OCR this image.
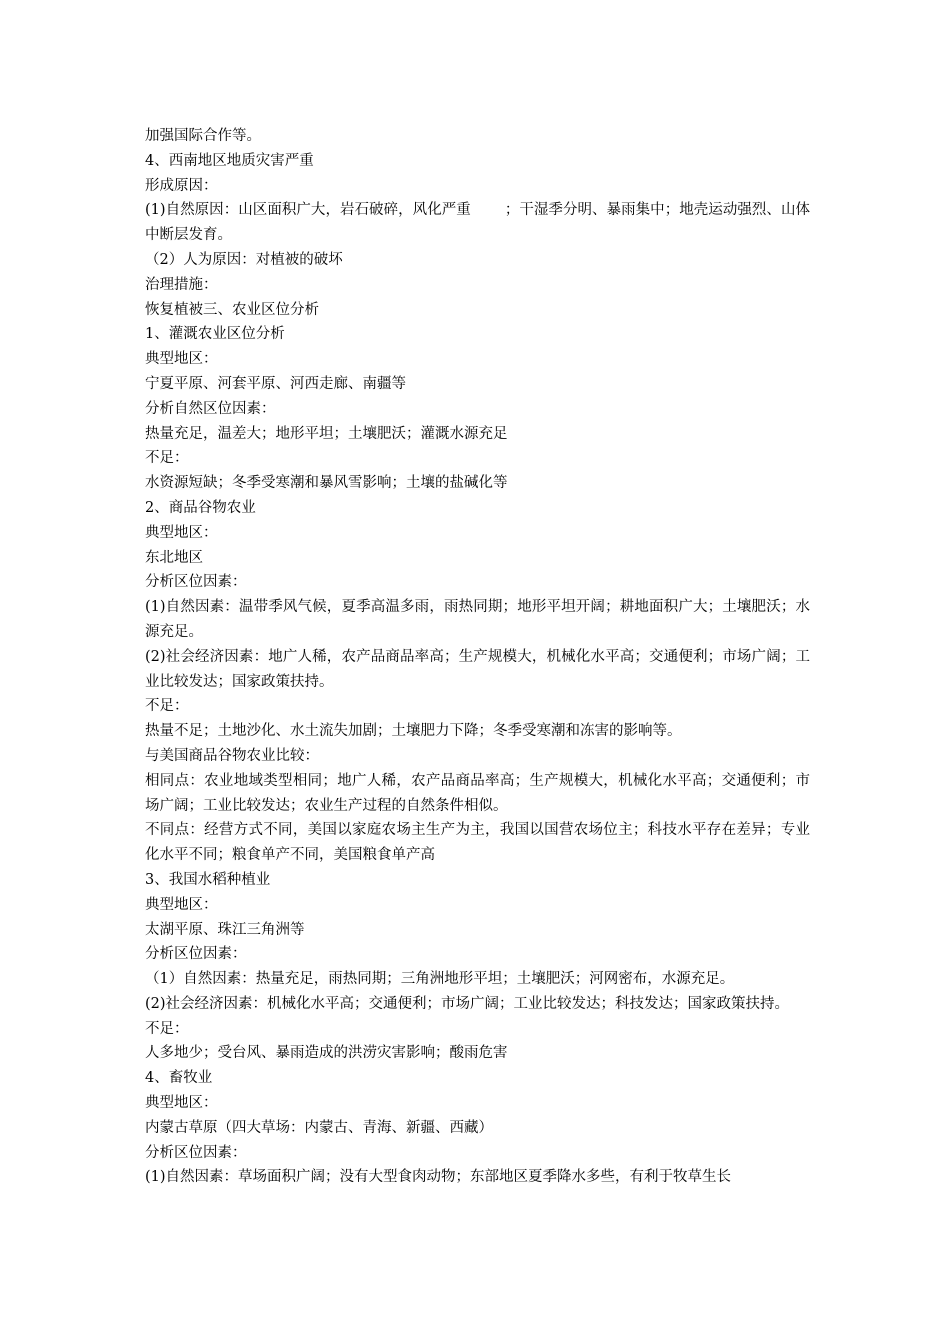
加强国际合作等。
4、西南地区地质灾害严重
形成原因：
(1)自然原因：山区面积广大，岩石破碎，风化严重 ；干湿季分明、暴雨集中；地壳运动强烈、山体中断层发育。
（2）人为原因：对植被的破坏
治理措施：
恢复植被三、农业区位分析
1、灌溉农业区位分析
典型地区：
宁夏平原、河套平原、河西走廊、南疆等
分析自然区位因素：
热量充足，温差大；地形平坦；土壤肥沃；灌溉水源充足
不足：
水资源短缺；冬季受寒潮和暴风雪影响；土壤的盐碱化等
2、商品谷物农业
典型地区：
东北地区
分析区位因素：
(1)自然因素：温带季风气候，夏季高温多雨，雨热同期；地形平坦开阔；耕地面积广大；土壤肥沃；水源充足。
(2)社会经济因素：地广人稀，农产品商品率高；生产规模大，机械化水平高；交通便利；市场广阔；工业比较发达；国家政策扶持。
不足：
热量不足；土地沙化、水土流失加剧；土壤肥力下降；冬季受寒潮和冻害的影响等。
与美国商品谷物农业比较：
相同点：农业地域类型相同；地广人稀，农产品商品率高；生产规模大，机械化水平高；交通便利；市场广阔；工业比较发达；农业生产过程的自然条件相似。
不同点：经营方式不同，美国以家庭农场主生产为主，我国以国营农场位主；科技水平存在差异；专业化水平不同；粮食单产不同，美国粮食单产高
3、我国水稻种植业
典型地区：
太湖平原、珠江三角洲等
分析区位因素：
（1）自然因素：热量充足，雨热同期；三角洲地形平坦；土壤肥沃；河网密布，水源充足。
(2)社会经济因素：机械化水平高；交通便利；市场广阔；工业比较发达；科技发达；国家政策扶持。
不足：
人多地少；受台风、暴雨造成的洪涝灾害影响；酸雨危害
4、畜牧业
典型地区：
内蒙古草原（四大草场：内蒙古、青海、新疆、西藏）
分析区位因素：
(1)自然因素：草场面积广阔；没有大型食肉动物；东部地区夏季降水多些，有利于牧草生长
